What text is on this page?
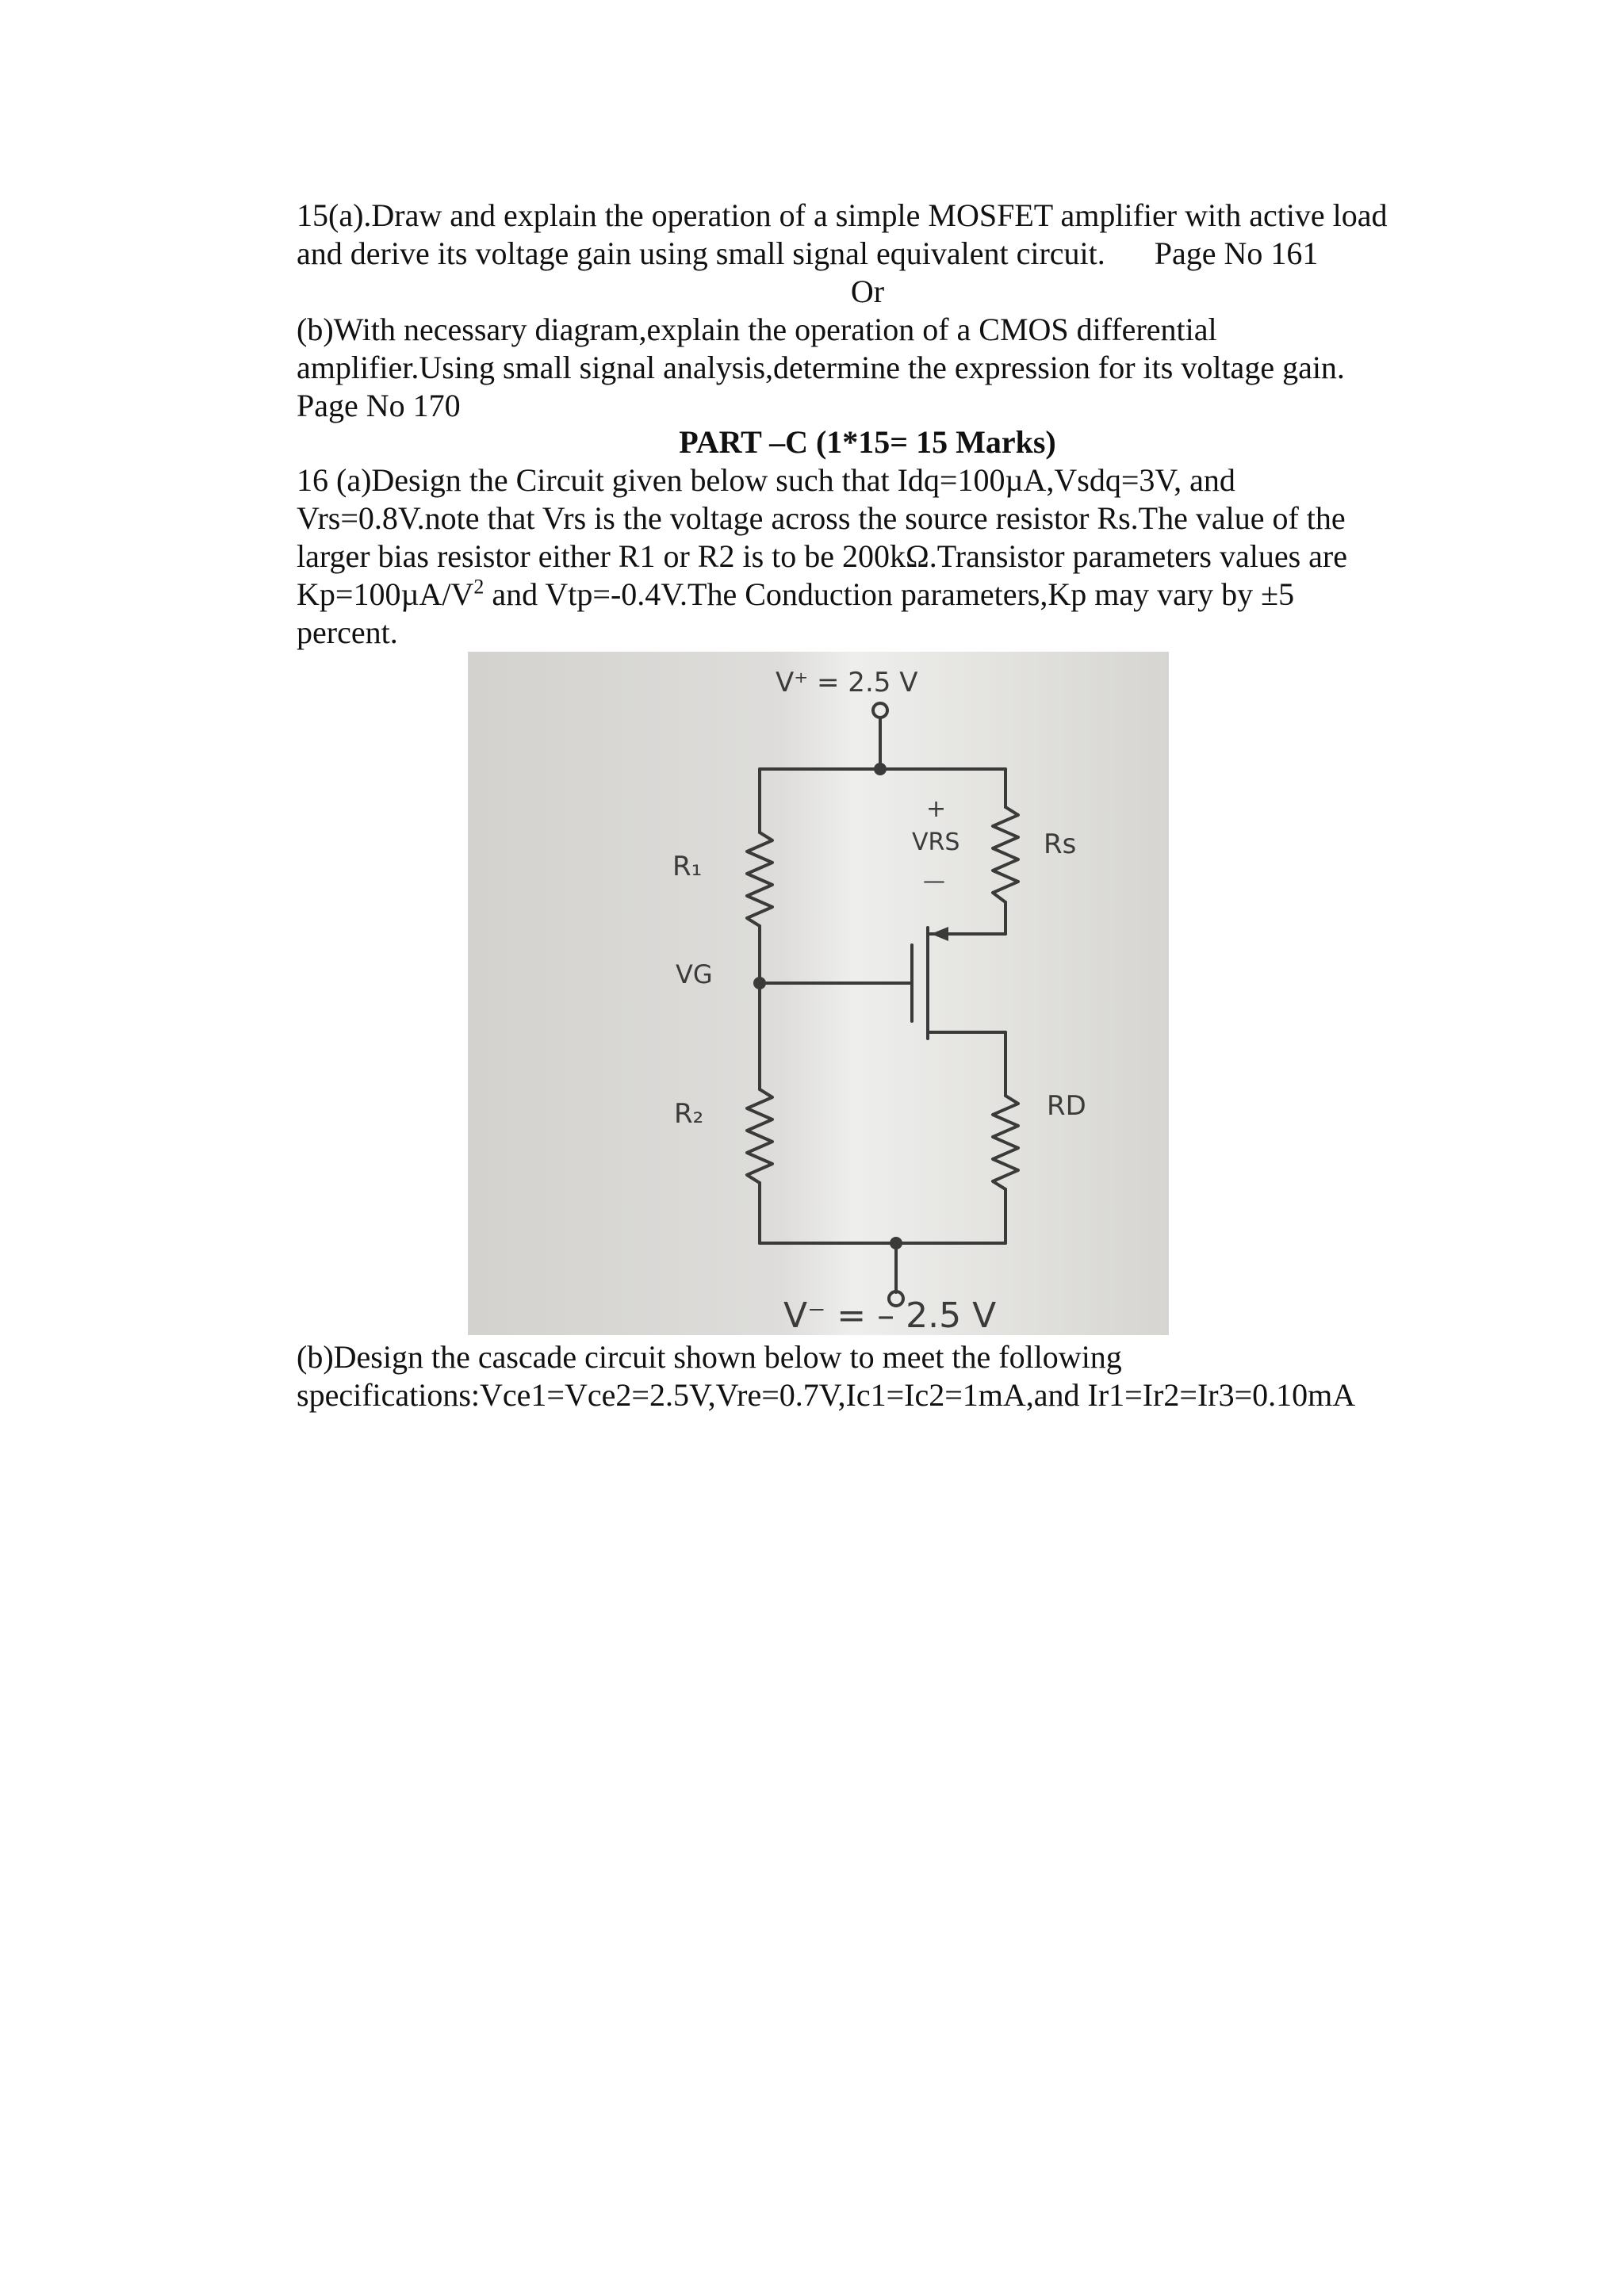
15(a).Draw and explain the operation of a simple MOSFET amplifier with active load
and derive its voltage gain using small signal equivalent circuit. Page No 161
Or
(b)With necessary diagram,explain the operation of a CMOS differential
amplifier.Using small signal analysis,determine the expression for its voltage gain.
Page No 170
PART –C (1*15= 15 Marks)
16 (a)Design the Circuit given below such that Idq=100µA,Vsdq=3V, and
Vrs=0.8V.note that Vrs is the voltage across the source resistor Rs.The value of the
larger bias resistor either R1 or R2 is to be 200kΩ.Transistor parameters values are
$Kp=100\mu A/V^2$ and Vtp=-0.4V.The Conduction parameters,Kp may vary by ±5
percent.
V⁺ = 2.5 V
R₁
VG
R₂
+
VRS
—
Rs
RD
V⁻ = – 2.5 V
(b)Design the cascade circuit shown below to meet the following
specifications:Vce1=Vce2=2.5V,Vre=0.7V,Ic1=Ic2=1mA,and Ir1=Ir2=Ir3=0.10mA
